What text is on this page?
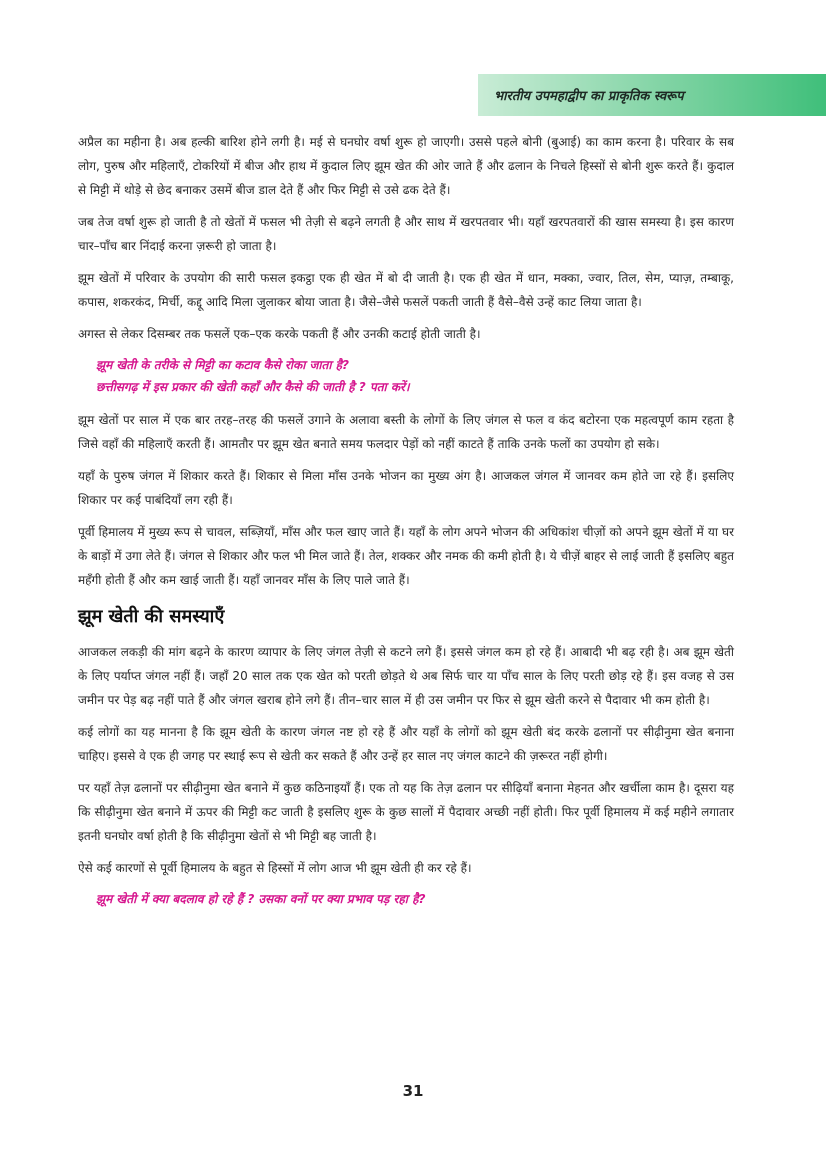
भारतीय उपमहाद्वीप का प्राकृतिक स्वरूप

अप्रैल का महीना है। अब हल्की बारिश होने लगी है। मई से घनघोर वर्षा शुरू हो जाएगी। उससे पहले बोनी (बुआई) का काम करना है। परिवार के सब लोग, पुरुष और महिलाएँ, टोकरियों में बीज और हाथ में कुदाल लिए झूम खेत की ओर जाते हैं और ढलान के निचले हिस्सों से बोनी शुरू करते हैं। कुदाल से मिट्टी में थोड़े से छेद बनाकर उसमें बीज डाल देते हैं और फिर मिट्टी से उसे ढक देते हैं।

जब तेज वर्षा शुरू हो जाती है तो खेतों में फसल भी तेज़ी से बढ़ने लगती है और साथ में खरपतवार भी। यहाँ खरपतवारों की खास समस्या है। इस कारण चार–पाँच बार निंदाई करना ज़रूरी हो जाता है।

झूम खेतों में परिवार के उपयोग की सारी फसल इकट्ठा एक ही खेत में बो दी जाती है। एक ही खेत में धान, मक्का, ज्वार, तिल, सेम, प्याज़, तम्बाकू, कपास, शकरकंद, मिर्ची, कद्दू आदि मिला जुलाकर बोया जाता है। जैसे–जैसे फसलें पकती जाती हैं वैसे–वैसे उन्हें काट लिया जाता है।

अगस्त से लेकर दिसम्बर तक फसलें एक–एक करके पकती हैं और उनकी कटाई होती जाती है।

झूम खेती के तरीके से मिट्टी का कटाव कैसे रोका जाता है?
छत्तीसगढ़ में इस प्रकार की खेती कहाँ और कैसे की जाती है ? पता करें।

झूम खेतों पर साल में एक बार तरह–तरह की फसलें उगाने के अलावा बस्ती के लोगों के लिए जंगल से फल व कंद बटोरना एक महत्वपूर्ण काम रहता है जिसे वहाँ की महिलाएँ करती हैं। आमतौर पर झूम खेत बनाते समय फलदार पेड़ों को नहीं काटते हैं ताकि उनके फलों का उपयोग हो सके।

यहाँ के पुरुष जंगल में शिकार करते हैं। शिकार से मिला माँस उनके भोजन का मुख्य अंग है। आजकल जंगल में जानवर कम होते जा रहे हैं। इसलिए शिकार पर कई पाबंदियाँ लग रही हैं।

पूर्वी हिमालय में मुख्य रूप से चावल, सब्ज़ियाँ, माँस और फल खाए जाते हैं। यहाँ के लोग अपने भोजन की अधिकांश चीज़ों को अपने झूम खेतों में या घर के बाड़ों में उगा लेते हैं। जंगल से शिकार और फल भी मिल जाते हैं। तेल, शक्कर और नमक की कमी होती है। ये चीज़ें बाहर से लाई जाती हैं इसलिए बहुत महँगी होती हैं और कम खाई जाती हैं। यहाँ जानवर माँस के लिए पाले जाते हैं।

झूम खेती की समस्याएँ

आजकल लकड़ी की मांग बढ़ने के कारण व्यापार के लिए जंगल तेज़ी से कटने लगे हैं। इससे जंगल कम हो रहे हैं। आबादी भी बढ़ रही है। अब झूम खेती के लिए पर्याप्त जंगल नहीं हैं। जहाँ 20 साल तक एक खेत को परती छोड़ते थे अब सिर्फ चार या पाँच साल के लिए परती छोड़ रहे हैं। इस वजह से उस जमीन पर पेड़ बढ़ नहीं पाते हैं और जंगल खराब होने लगे हैं। तीन–चार साल में ही उस जमीन पर फिर से झूम खेती करने से पैदावार भी कम होती है।

कई लोगों का यह मानना है कि झूम खेती के कारण जंगल नष्ट हो रहे हैं और यहाँ के लोगों को झूम खेती बंद करके ढलानों पर सीढ़ीनुमा खेत बनाना चाहिए। इससे वे एक ही जगह पर स्थाई रूप से खेती कर सकते हैं और उन्हें हर साल नए जंगल काटने की ज़रूरत नहीं होगी।

पर यहाँ तेज़ ढलानों पर सीढ़ीनुमा खेत बनाने में कुछ कठिनाइयाँ हैं। एक तो यह कि तेज़ ढलान पर सीढ़ियाँ बनाना मेहनत और खर्चीला काम है। दूसरा यह कि सीढ़ीनुमा खेत बनाने में ऊपर की मिट्टी कट जाती है इसलिए शुरू के कुछ सालों में पैदावार अच्छी नहीं होती। फिर पूर्वी हिमालय में कई महीने लगातार इतनी घनघोर वर्षा होती है कि सीढ़ीनुमा खेतों से भी मिट्टी बह जाती है।

ऐसे कई कारणों से पूर्वी हिमालय के बहुत से हिस्सों में लोग आज भी झूम खेती ही कर रहे हैं।

झूम खेती में क्या बदलाव हो रहे हैं ? उसका वनों पर क्या प्रभाव पड़ रहा है?
31
